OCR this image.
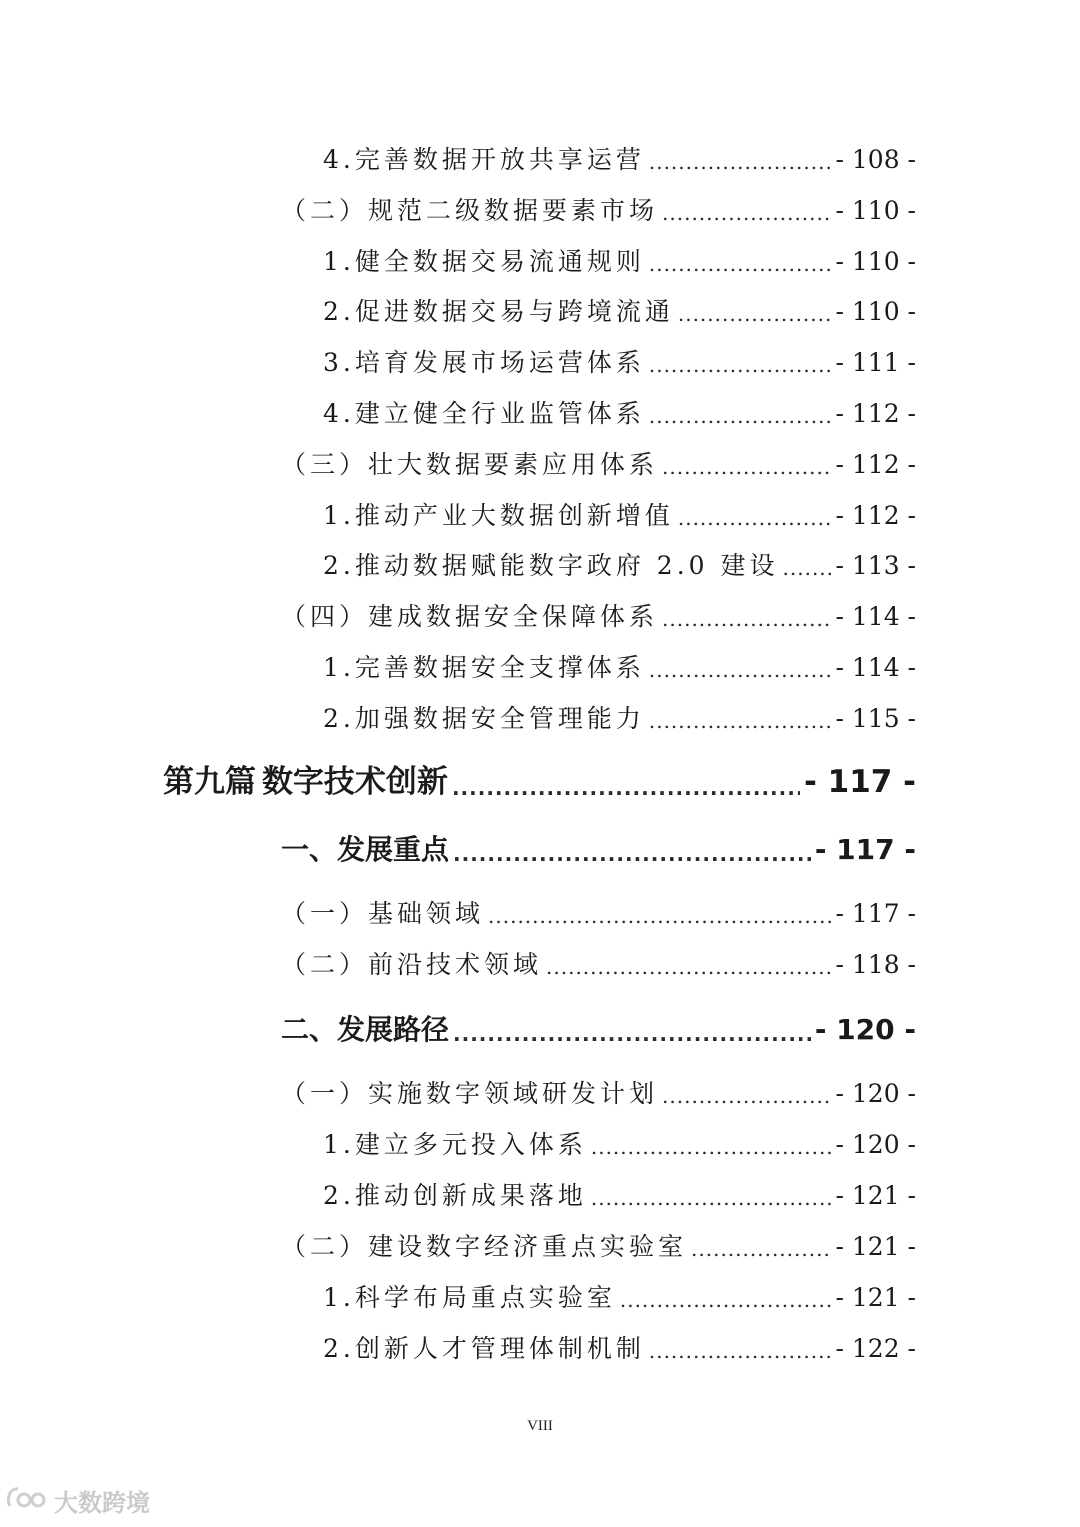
4.完善数据开放共享运营 .....	- 108 -
（二）规范二级数据要素市场 .....	- 110 -
1.健全数据交易流通规则 .....	- 110 -
2.促进数据交易与跨境流通 .....	- 110 -
3.培育发展市场运营体系 .....	- 111 -
4.建立健全行业监管体系 .....	- 112 -
（三）壮大数据要素应用体系 .....	- 112 -
1.推动产业大数据创新增值 .....	- 112 -
2.推动数据赋能数字政府 2.0 建设 ..... - 113 -
（四）建成数据安全保障体系 .....	- 114 -
1.完善数据安全支撑体系 .....	- 114 -
2.加强数据安全管理能力 .....	- 115 -
第九篇 数字技术创新 .....	- 117 -
一、发展重点 .....	- 117 -
（一）基础领域 .....	- 117 -
（二）前沿技术领域 .....	- 118 -
二、发展路径 .....	- 120 -
（一）实施数字领域研发计划 .....	- 120 -
1.建立多元投入体系 .....	- 120 -
2.推动创新成果落地 .....	- 121 -
（二）建设数字经济重点实验室 .....	- 121 -
1.科学布局重点实验室 .....	- 121 -
2.创新人才管理体制机制 .....	- 122 -
VIII
大数跨境
